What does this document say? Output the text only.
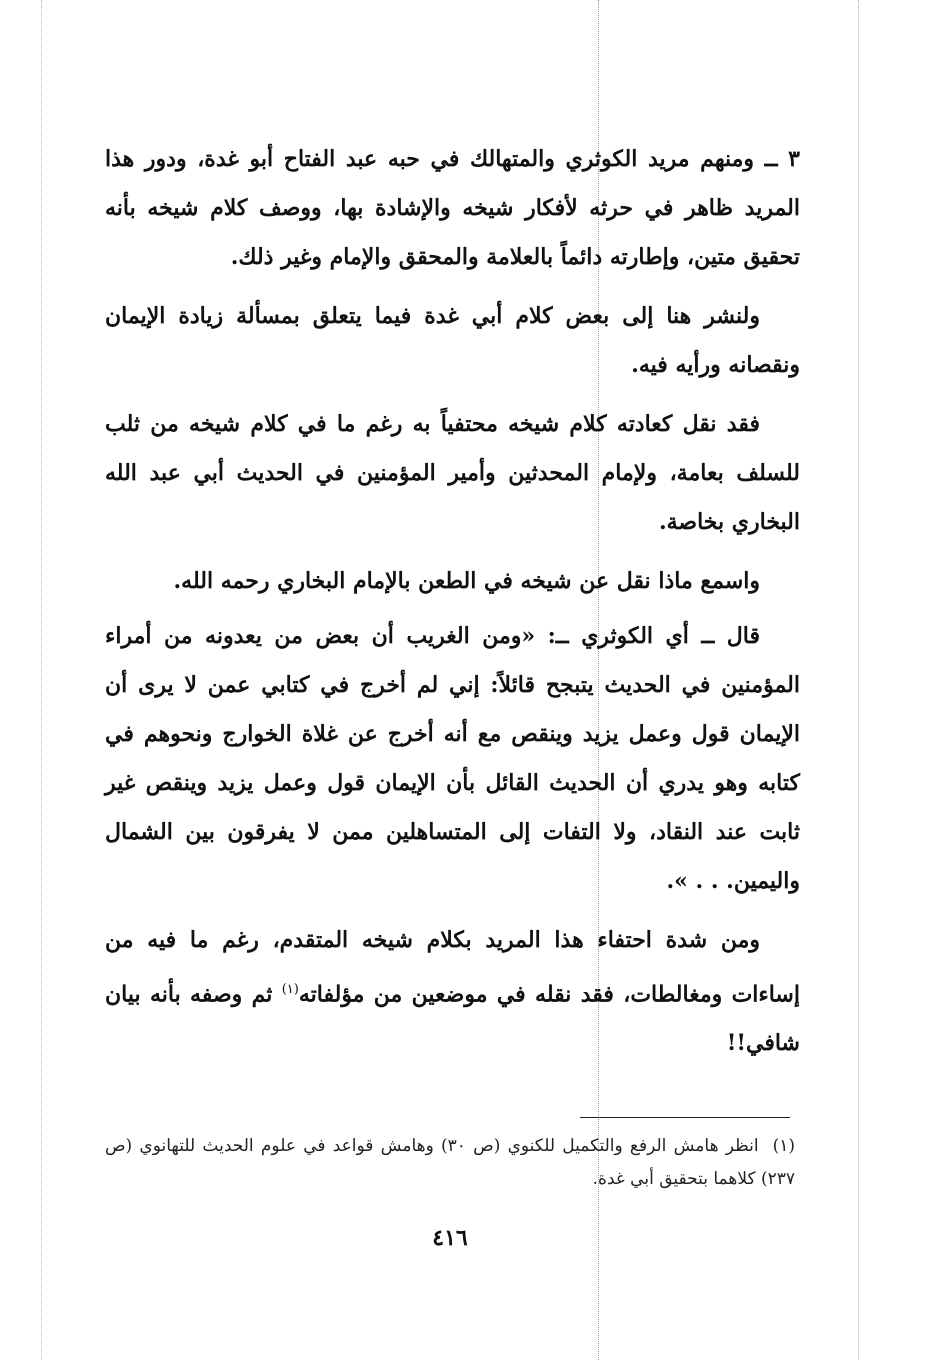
٣ ــ ومنهم مريد الكوثري والمتهالك في حبه عبد الفتاح أبو غدة، ودور هذا المريد ظاهر في حرثه لأفكار شيخه والإشادة بها، ووصف كلام شيخه بأنه تحقيق متين، وإطارته دائماً بالعلامة والمحقق والإمام وغير ذلك.

ولنشر هنا إلى بعض كلام أبي غدة فيما يتعلق بمسألة زيادة الإيمان ونقصانه ورأيه فيه.

فقد نقل كعادته كلام شيخه محتفياً به رغم ما في كلام شيخه من ثلب للسلف بعامة، ولإمام المحدثين وأمير المؤمنين في الحديث أبي عبد الله البخاري بخاصة.

واسمع ماذا نقل عن شيخه في الطعن بالإمام البخاري رحمه الله.

قال ــ أي الكوثري ــ: «ومن الغريب أن بعض من يعدونه من أمراء المؤمنين في الحديث يتبجح قائلاً: إني لم أخرج في كتابي عمن لا يرى أن الإيمان قول وعمل يزيد وينقص مع أنه أخرج عن غلاة الخوارج ونحوهم في كتابه وهو يدري أن الحديث القائل بأن الإيمان قول وعمل يزيد وينقص غير ثابت عند النقاد، ولا التفات إلى المتساهلين ممن لا يفرقون بين الشمال واليمين. . . ».

ومن شدة احتفاء هذا المريد بكلام شيخه المتقدم، رغم ما فيه من إساءات ومغالطات، فقد نقله في موضعين من مؤلفاته$^{(١)}$ ثم وصفه بأنه بيان شافي!!

(١)انظر هامش الرفع والتكميل للكنوي (ص ٣٠) وهامش قواعد في علوم الحديث للتهانوي (ص ٢٣٧) كلاهما بتحقيق أبي غدة.
٤١٦
